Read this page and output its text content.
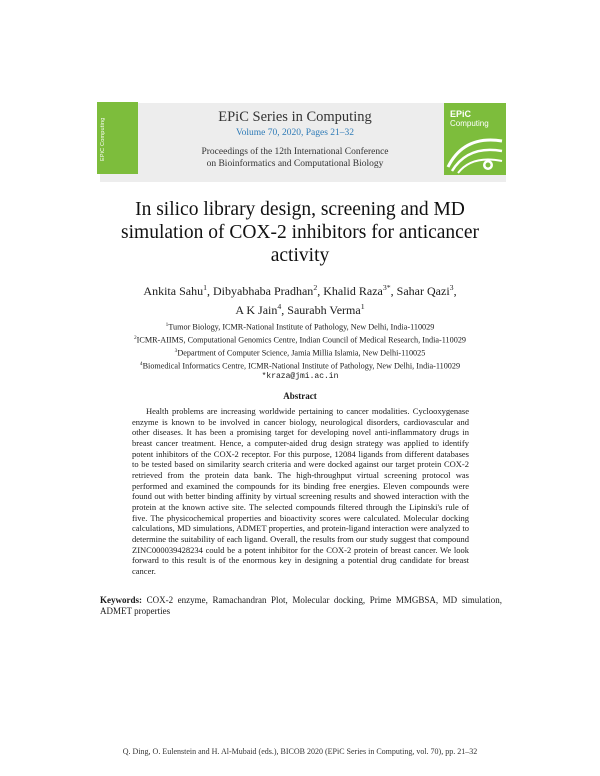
EPiC Computing
EPiC
Computing
EPiC Series in Computing
Volume 70, 2020, Pages 21–32
Proceedings of the 12th International Conference
on Bioinformatics and Computational Biology
In silico library design, screening and MD simulation of COX-2 inhibitors for anticancer activity
Ankita Sahu$^1$, Dibyabhaba Pradhan$^2$, Khalid Raza$^{3*}$, Sahar Qazi$^3$,
A K Jain$^4$, Saurabh Verma$^1$
$^1$Tumor Biology, ICMR-National Institute of Pathology, New Delhi, India-110029
$^2$ICMR-AIIMS, Computational Genomics Centre, Indian Council of Medical Research, India-110029
$^3$Department of Computer Science, Jamia Millia Islamia, New Delhi-110025
$^4$Biomedical Informatics Centre, ICMR-National Institute of Pathology, New Delhi, India-110029
*kraza@jmi.ac.in
Abstract
Health problems are increasing worldwide pertaining to cancer modalities. Cyclooxygenase enzyme is known to be involved in cancer biology, neurological disorders, cardiovascular and other diseases. It has been a promising target for developing novel anti-inflammatory drugs in breast cancer treatment. Hence, a computer-aided drug design strategy was applied to identify potent inhibitors of the COX-2 receptor. For this purpose, 12084 ligands from different databases to be tested based on similarity search criteria and were docked against our target protein COX-2 retrieved from the protein data bank. The high-throughput virtual screening protocol was performed and examined the compounds for its binding free energies. Eleven compounds were found out with better binding affinity by virtual screening results and showed interaction with the protein at the known active site. The selected compounds filtered through the Lipinski's rule of five. The physicochemical properties and bioactivity scores were calculated. Molecular docking calculations, MD simulations, ADMET properties, and protein-ligand interaction were analyzed to determine the suitability of each ligand. Overall, the results from our study suggest that compound ZINC000039428234 could be a potent inhibitor for the COX-2 protein of breast cancer. We look forward to this result is of the enormous key in designing a potential drug candidate for breast cancer.
Keywords: COX-2 enzyme, Ramachandran Plot, Molecular docking, Prime MMGBSA, MD simulation, ADMET properties
Q. Ding, O. Eulenstein and H. Al-Mubaid (eds.), BICOB 2020 (EPiC Series in Computing, vol. 70), pp. 21–32
